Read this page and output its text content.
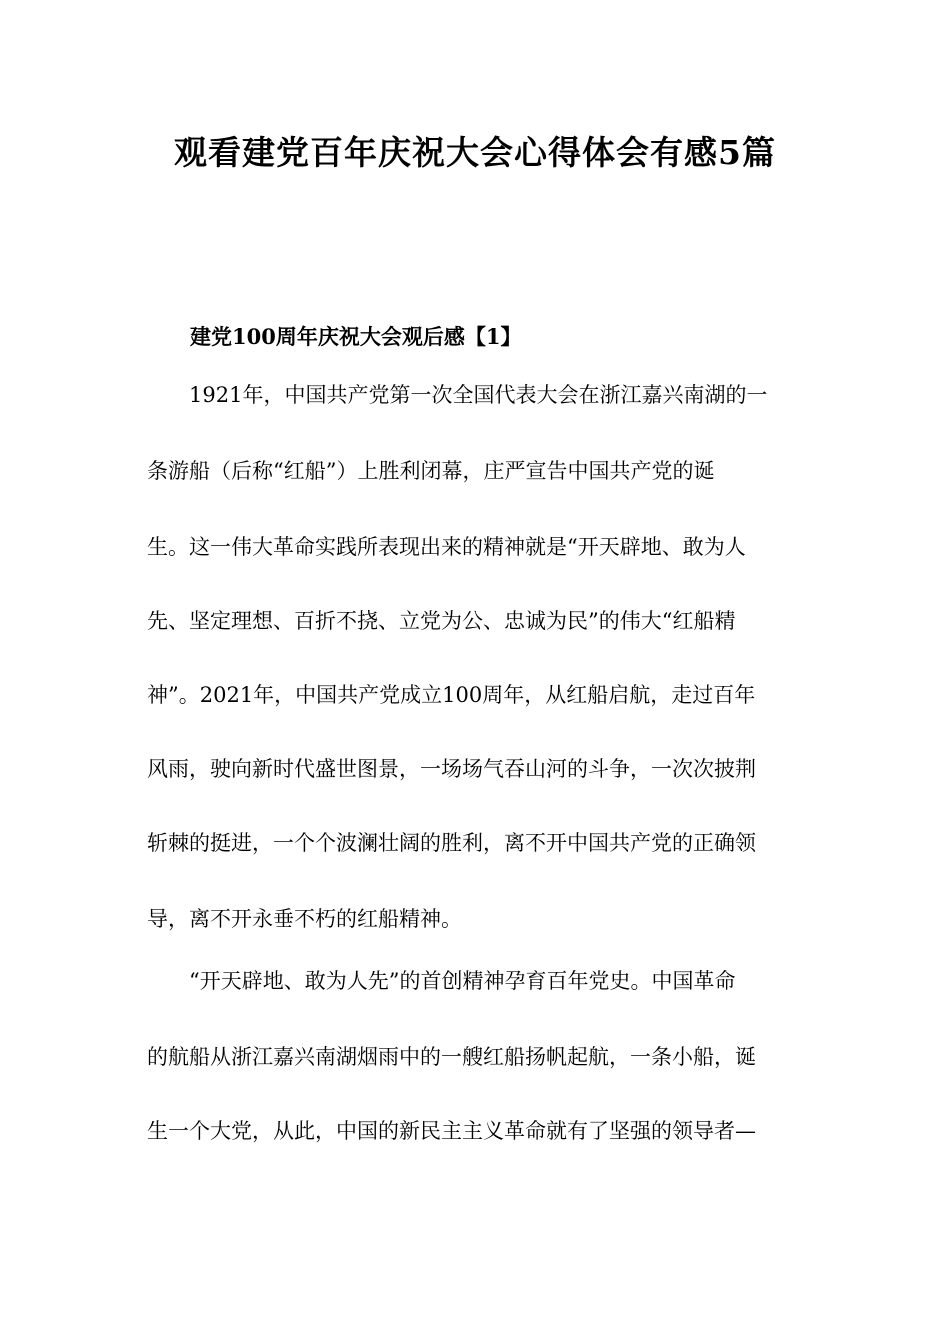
观看建党百年庆祝大会心得体会有感5篇
建党100周年庆祝大会观后感【1】

　　1921年，中国共产党第一次全国代表大会在浙江嘉兴南湖的一

条游船（后称“红船”）上胜利闭幕，庄严宣告中国共产党的诞

生。这一伟大革命实践所表现出来的精神就是“开天辟地、敢为人

先、坚定理想、百折不挠、立党为公、忠诚为民”的伟大“红船精

神”。2021年，中国共产党成立100周年，从红船启航，走过百年

风雨，驶向新时代盛世图景，一场场气吞山河的斗争，一次次披荆

斩棘的挺进，一个个波澜壮阔的胜利，离不开中国共产党的正确领

导，离不开永垂不朽的红船精神。

　　“开天辟地、敢为人先”的首创精神孕育百年党史。中国革命

的航船从浙江嘉兴南湖烟雨中的一艘红船扬帆起航，一条小船，诞

生一个大党，从此，中国的新民主主义革命就有了坚强的领导者—
